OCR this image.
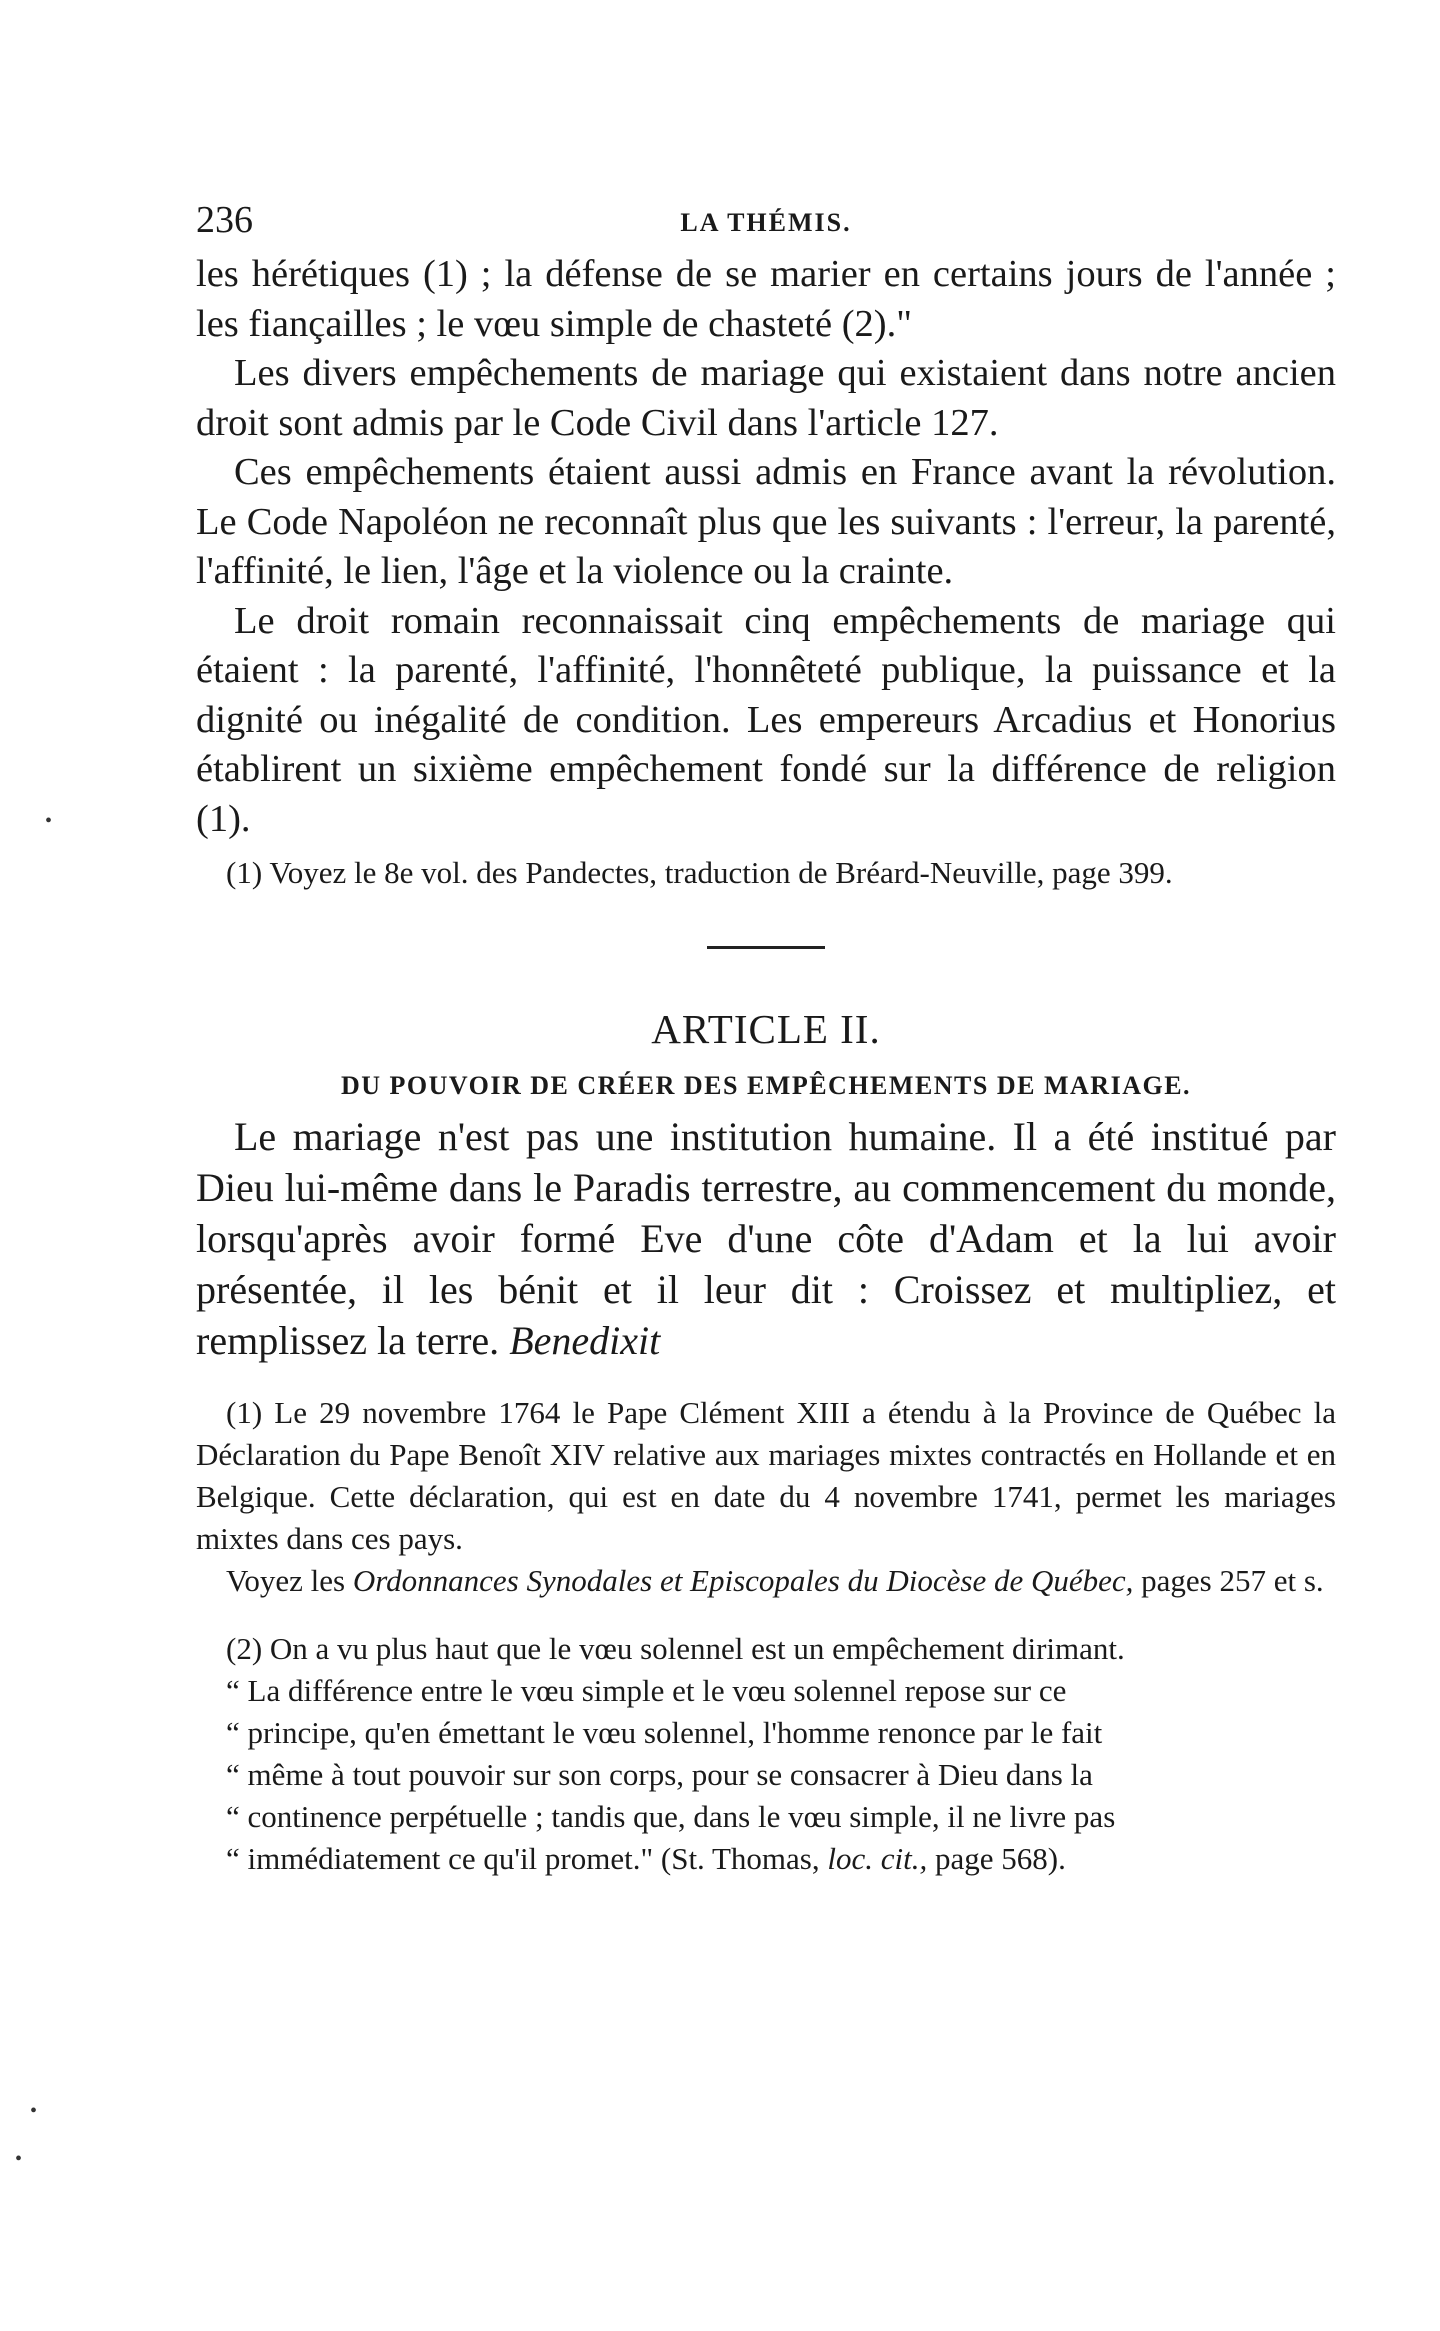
236	LA THÉMIS.

les hérétiques (1) ; la défense de se marier en certains jours de l'année ; les fiançailles ; le vœu simple de chasteté (2)."

Les divers empêchements de mariage qui existaient dans notre ancien droit sont admis par le Code Civil dans l'article 127.

Ces empêchements étaient aussi admis en France avant la révolution. Le Code Napoléon ne reconnaît plus que les suivants : l'erreur, la parenté, l'affinité, le lien, l'âge et la violence ou la crainte.

Le droit romain reconnaissait cinq empêchements de mariage qui étaient : la parenté, l'affinité, l'honnêteté publique, la puissance et la dignité ou inégalité de condition. Les empereurs Arcadius et Honorius établirent un sixième empêchement fondé sur la différence de religion (1).

(1) Voyez le 8e vol. des Pandectes, traduction de Bréard-Neuville, page 399.

ARTICLE II.
DU POUVOIR DE CRÉER DES EMPÊCHEMENTS DE MARIAGE.

Le mariage n'est pas une institution humaine. Il a été institué par Dieu lui-même dans le Paradis terrestre, au commencement du monde, lorsqu'après avoir formé Eve d'une côte d'Adam et la lui avoir présentée, il les bénit et il leur dit : Croissez et multipliez, et remplissez la terre. Benedixit

(1) Le 29 novembre 1764 le Pape Clément XIII a étendu à la Province de Québec la Déclaration du Pape Benoît XIV relative aux mariages mixtes contractés en Hollande et en Belgique. Cette déclaration, qui est en date du 4 novembre 1741, permet les mariages mixtes dans ces pays.

Voyez les Ordonnances Synodales et Episcopales du Diocèse de Québec, pages 257 et s.

(2) On a vu plus haut que le vœu solennel est un empêchement dirimant.

“ La différence entre le vœu simple et le vœu solennel repose sur ce

“ principe, qu'en émettant le vœu solennel, l'homme renonce par le fait

“ même à tout pouvoir sur son corps, pour se consacrer à Dieu dans la

“ continence perpétuelle ; tandis que, dans le vœu simple, il ne livre pas

“ immédiatement ce qu'il promet." (St. Thomas, loc. cit., page 568).

•
•
•
